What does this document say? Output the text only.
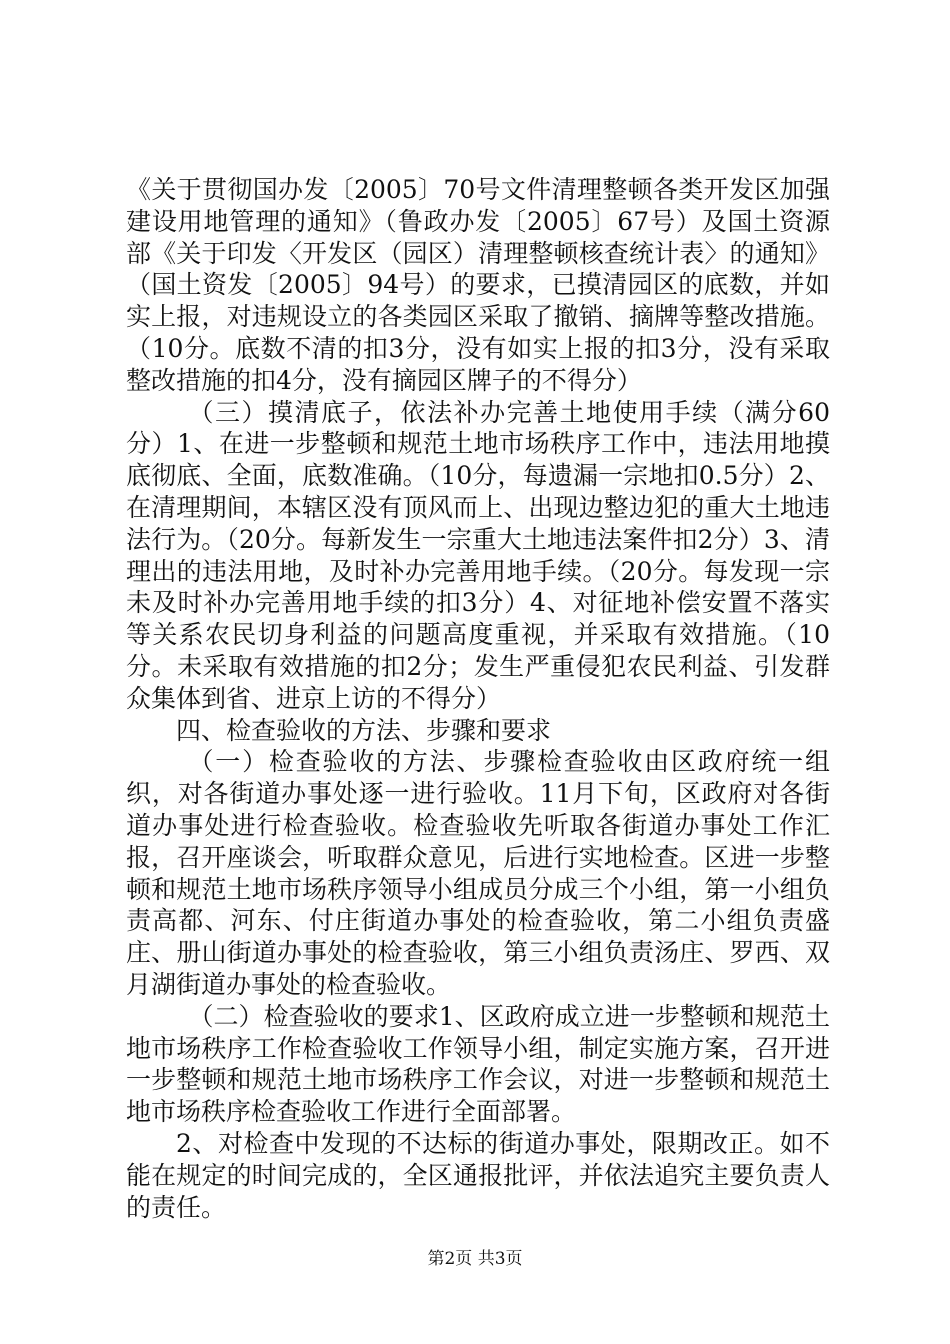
《关于贯彻国办发〔2005〕70号文件清理整顿各类开发区加强建设用地管理的通知》（鲁政办发〔2005〕67号）及国土资源部《关于印发〈开发区（园区）清理整顿核查统计表〉的通知》（国土资发〔2005〕94号）的要求，已摸清园区的底数，并如实上报，对违规设立的各类园区采取了撤销、摘牌等整改措施。（10分。底数不清的扣3分，没有如实上报的扣3分，没有采取整改措施的扣4分，没有摘园区牌子的不得分）

（三）摸清底子，依法补办完善土地使用手续（满分60分）1、在进一步整顿和规范土地市场秩序工作中，违法用地摸底彻底、全面，底数准确。（10分，每遗漏一宗地扣0.5分）2、在清理期间，本辖区没有顶风而上、出现边整边犯的重大土地违法行为。（20分。每新发生一宗重大土地违法案件扣2分）3、清理出的违法用地，及时补办完善用地手续。（20分。每发现一宗未及时补办完善用地手续的扣3分）4、对征地补偿安置不落实等关系农民切身利益的问题高度重视，并采取有效措施。（10分。未采取有效措施的扣2分；发生严重侵犯农民利益、引发群众集体到省、进京上访的不得分）

四、检查验收的方法、步骤和要求

（一）检查验收的方法、步骤检查验收由区政府统一组织，对各街道办事处逐一进行验收。11月下旬，区政府对各街道办事处进行检查验收。检查验收先听取各街道办事处工作汇报，召开座谈会，听取群众意见，后进行实地检查。区进一步整顿和规范土地市场秩序领导小组成员分成三个小组，第一小组负责高都、河东、付庄街道办事处的检查验收，第二小组负责盛庄、册山街道办事处的检查验收，第三小组负责汤庄、罗西、双月湖街道办事处的检查验收。

（二）检查验收的要求1、区政府成立进一步整顿和规范土地市场秩序工作检查验收工作领导小组，制定实施方案，召开进一步整顿和规范土地市场秩序工作会议，对进一步整顿和规范土地市场秩序检查验收工作进行全面部署。

2、对检查中发现的不达标的街道办事处，限期改正。如不能在规定的时间完成的，全区通报批评，并依法追究主要负责人的责任。

第2页 共3页
